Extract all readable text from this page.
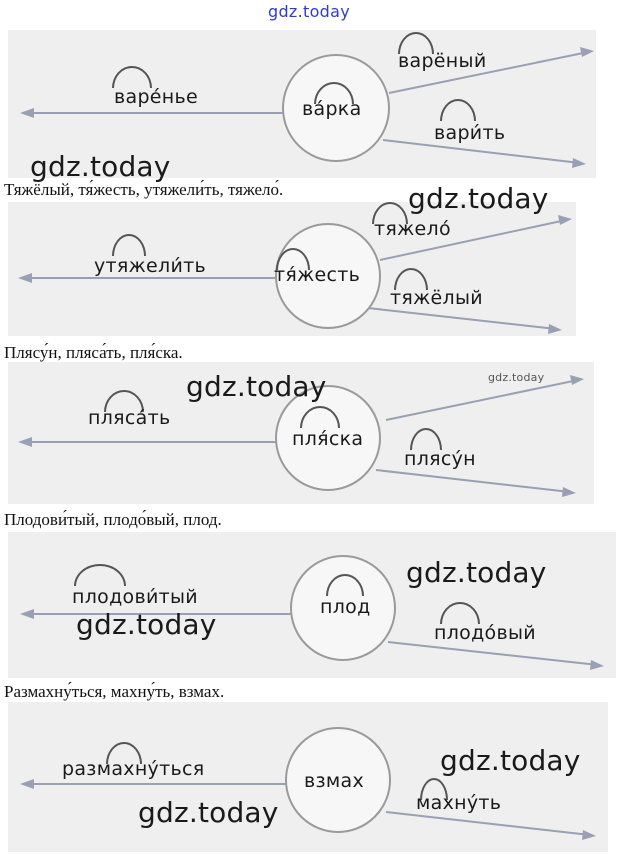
gdz.today
варе́нье
ва́рка
варёный
вари́ть
gdz.today
Тяжёлый, тя́жесть, утяжели́ть, тяжело́.
утяжели́ть	тя́жесть
тяжело́
тяжёлый
gdz.today
Плясу́н, пляса́ть, пля́ска.
пляса́ть
пля́ска
плясу́н
gdz.today	gdz.today
Плодови́тый, плодо́вый, плод.
плодови́тый	плод
плодо́вый
gdz.today
gdz.today
Размахну́ться, махну́ть, взмах.
размахну́ться
взмах
махну́ть
gdz.today
gdz.today
